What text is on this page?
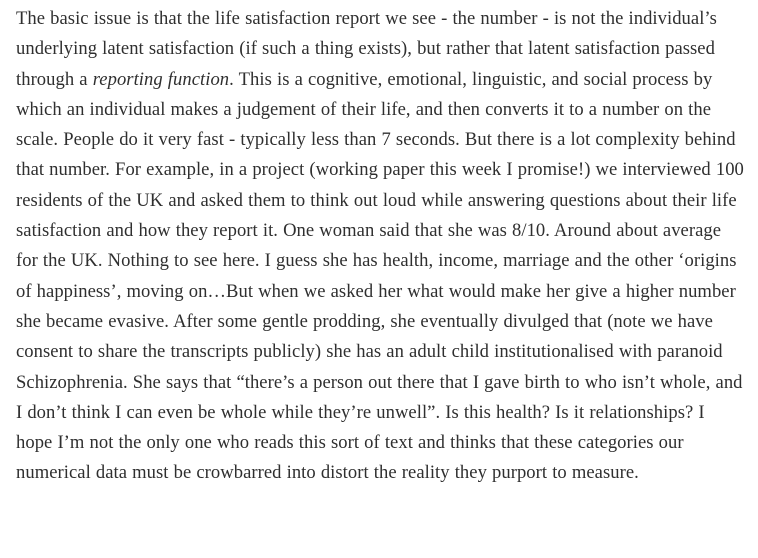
The basic issue is that the life satisfaction report we see - the number - is not the individual’s underlying latent satisfaction (if such a thing exists), but rather that latent satisfaction passed through a reporting function. This is a cognitive, emotional, linguistic, and social process by which an individual makes a judgement of their life, and then converts it to a number on the scale. People do it very fast - typically less than 7 seconds. But there is a lot complexity behind that number. For example, in a project (working paper this week I promise!) we interviewed 100 residents of the UK and asked them to think out loud while answering questions about their life satisfaction and how they report it. One woman said that she was 8/10. Around about average for the UK. Nothing to see here. I guess she has health, income, marriage and the other ‘origins of happiness’, moving on…But when we asked her what would make her give a higher number she became evasive. After some gentle prodding, she eventually divulged that (note we have consent to share the transcripts publicly) she has an adult child institutionalised with paranoid Schizophrenia. She says that “there’s a person out there that I gave birth to who isn’t whole, and I don’t think I can even be whole while they’re unwell”. Is this health? Is it relationships? I hope I’m not the only one who reads this sort of text and thinks that these categories our numerical data must be crowbarred into distort the reality they purport to measure.
